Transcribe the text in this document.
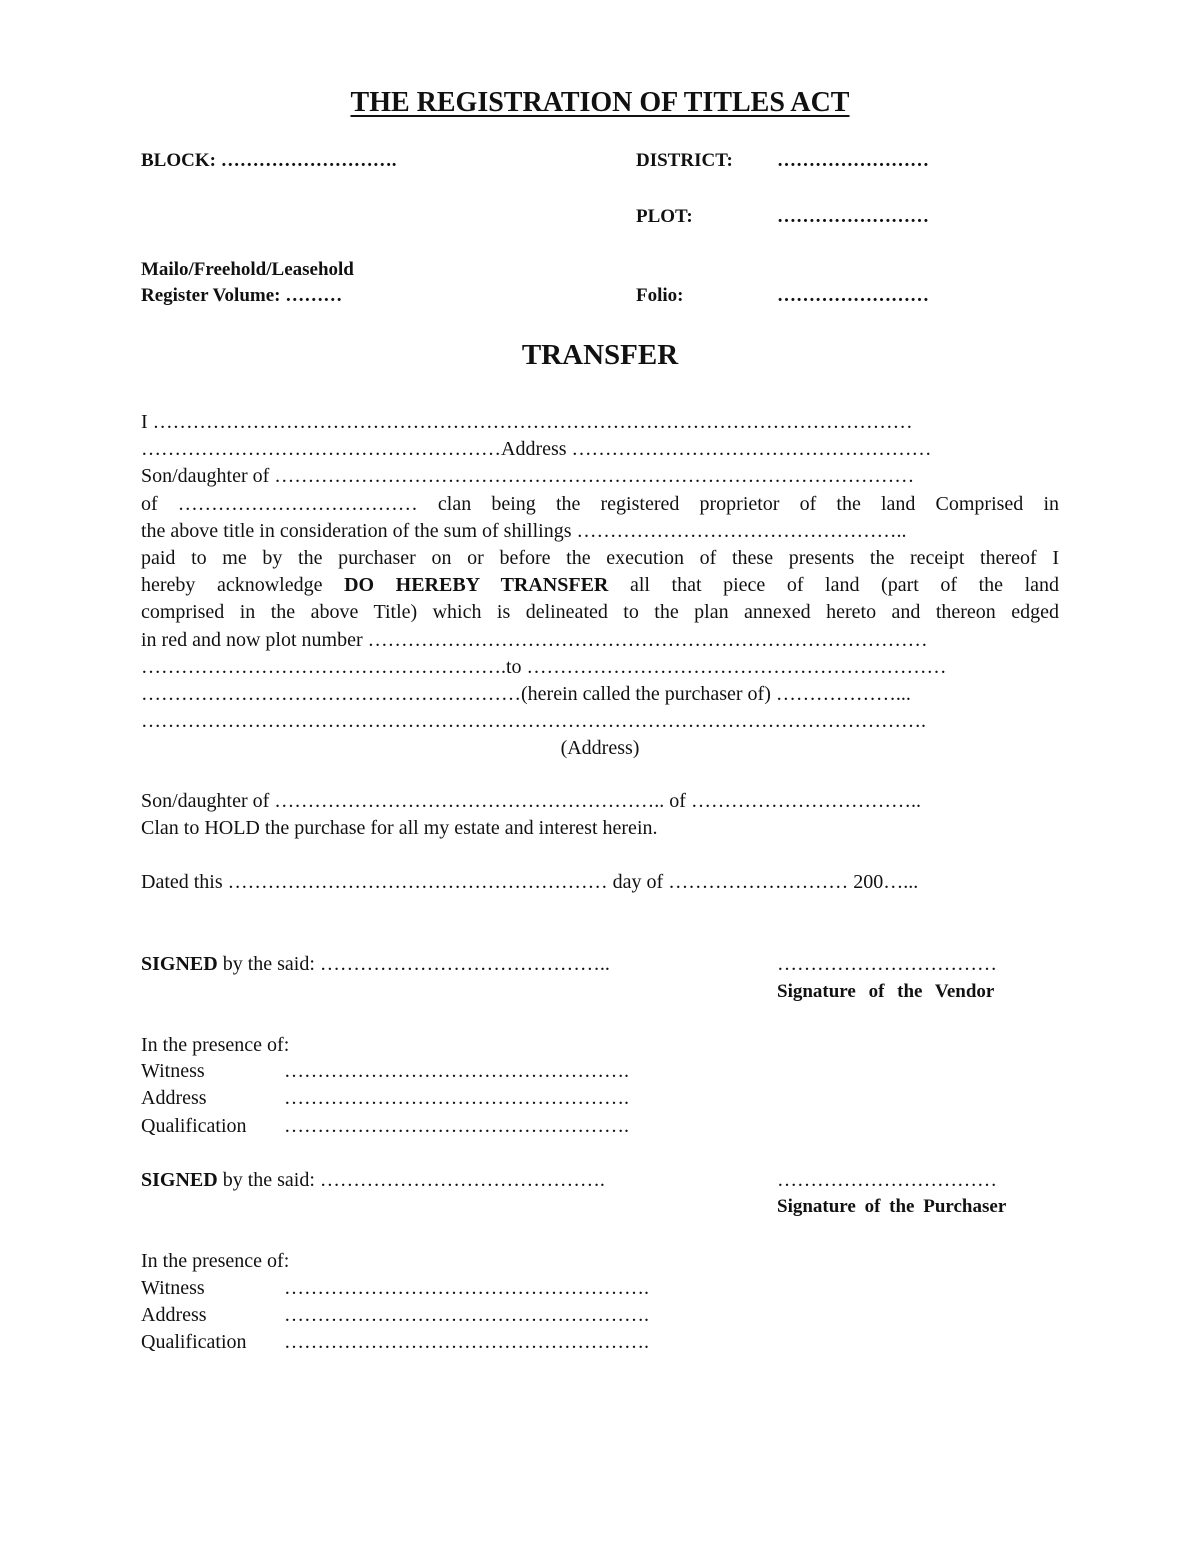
THE REGISTRATION OF TITLES ACT
BLOCK: ……………………….	DISTRICT: ……………………
PLOT:	……………………
Mailo/Freehold/Leasehold
Register Volume: ………	Folio:	……………………
TRANSFER
I ……………………………………………………………………………………………………
………………………………………………Address ………………………………………………
Son/daughter of ……………………………………………………………………………………
of ……………………………… clan being the registered proprietor of the land Comprised in
the above title in consideration of the sum of shillings …………………………………………..
paid to me by the purchaser on or before the execution of these presents the receipt thereof I
hereby acknowledge DO HEREBY TRANSFER all that piece of land (part of the land
comprised in the above Title) which is delineated to the plan annexed hereto and thereon edged
in red and now plot number …………………………………………………………………………
……………………………………………….to ………………………………………………………
…………………………………………………(herein called the purchaser of) ………………...
……………………………………………………………………………………………………….
(Address)
Son/daughter of ………………………………………………….. of ……………………………..
Clan to HOLD the purchase for all my estate and interest herein.
Dated this ………………………………………………… day of ……………………… 200…...
SIGNED by the said: ……………………………………..	……………………………
Signature of the Vendor
In the presence of:
Witness	…………………………………………….
Address	…………………………………………….
Qualification …………………………………………….
SIGNED by the said: …………………………………….	……………………………
Signature of the Purchaser
In the presence of:
Witness	……………………………………………….
Address	……………………………………………….
Qualification ……………………………………………….
